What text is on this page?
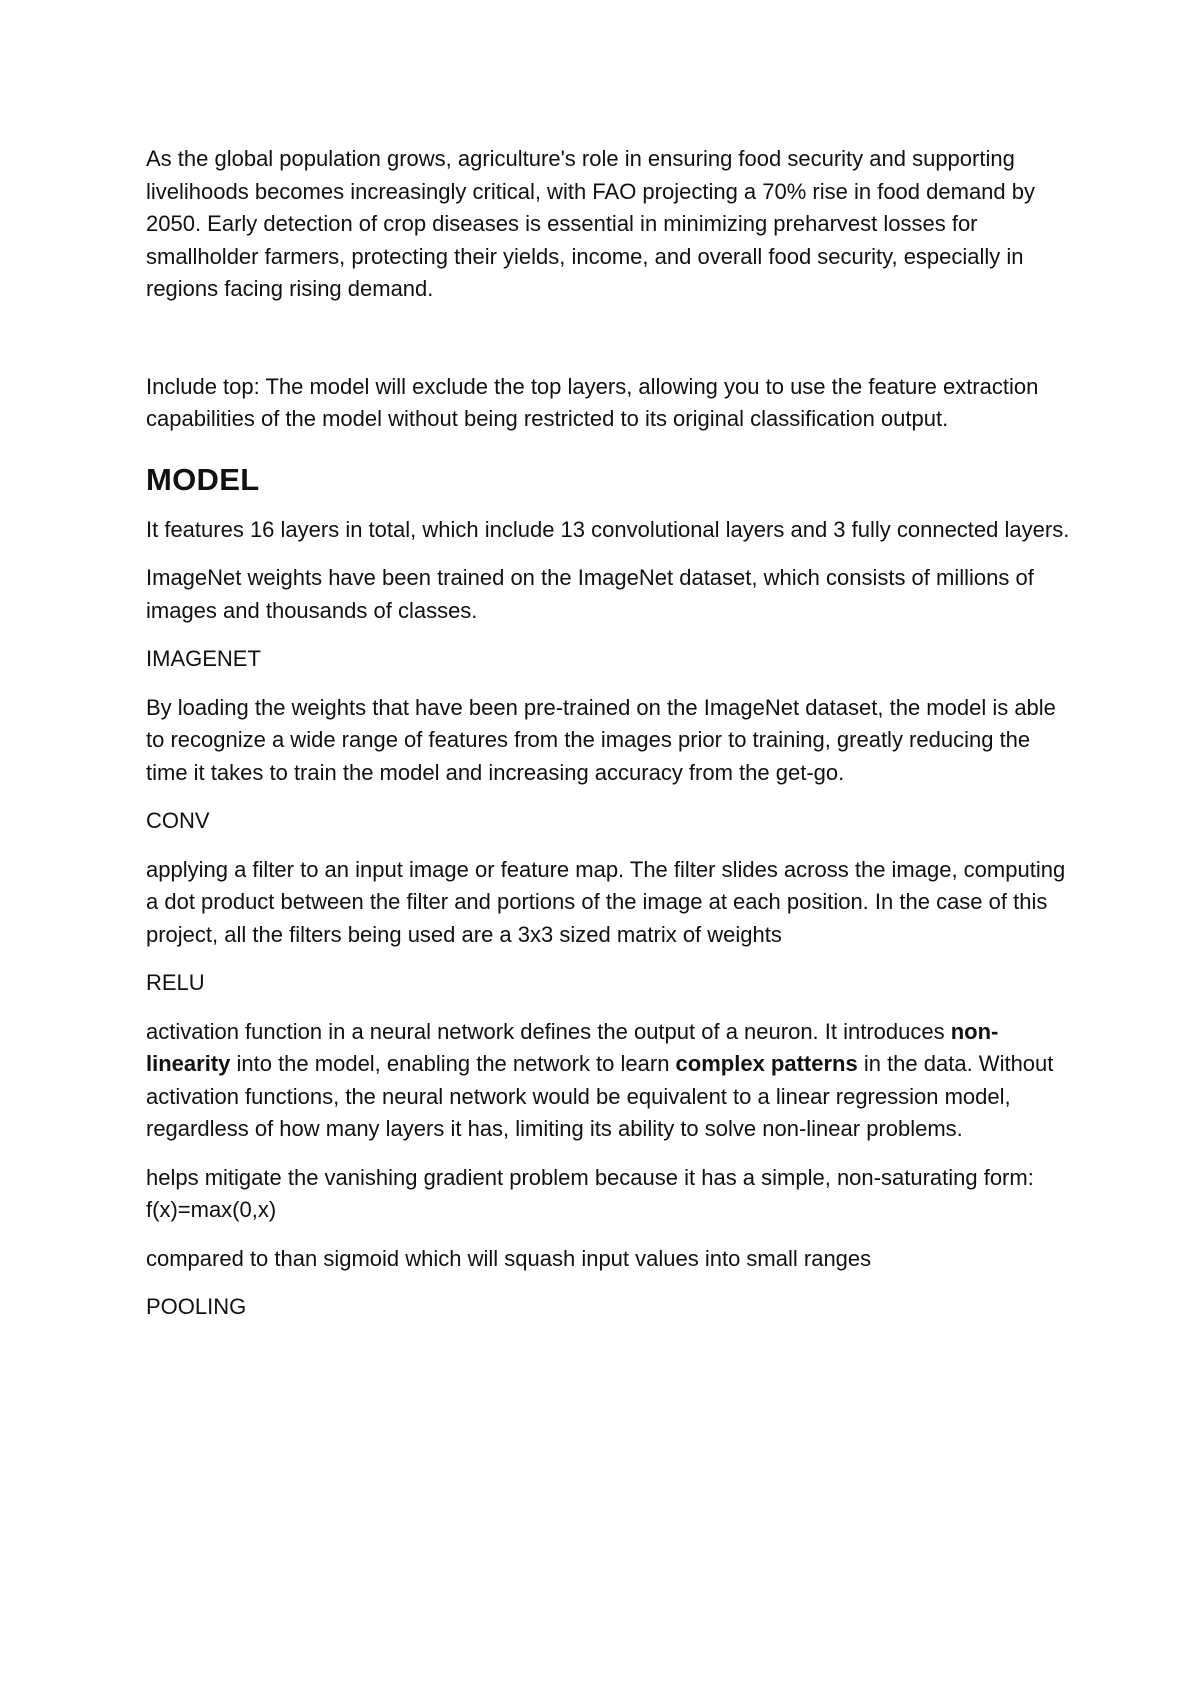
As the global population grows, agriculture's role in ensuring food security and supporting livelihoods becomes increasingly critical, with FAO projecting a 70% rise in food demand by 2050. Early detection of crop diseases is essential in minimizing preharvest losses for smallholder farmers, protecting their yields, income, and overall food security, especially in regions facing rising demand.

Include top: The model will exclude the top layers, allowing you to use the feature extraction capabilities of the model without being restricted to its original classification output.

MODEL

It features 16 layers in total, which include 13 convolutional layers and 3 fully connected layers.

ImageNet weights have been trained on the ImageNet dataset, which consists of millions of images and thousands of classes.

IMAGENET

By loading the weights that have been pre-trained on the ImageNet dataset, the model is able to recognize a wide range of features from the images prior to training, greatly reducing the time it takes to train the model and increasing accuracy from the get-go.

CONV

applying a filter to an input image or feature map. The filter slides across the image, computing a dot product between the filter and portions of the image at each position. In the case of this project, all the filters being used are a 3x3 sized matrix of weights

RELU

activation function in a neural network defines the output of a neuron. It introduces non-linearity into the model, enabling the network to learn complex patterns in the data. Without activation functions, the neural network would be equivalent to a linear regression model, regardless of how many layers it has, limiting its ability to solve non-linear problems.

helps mitigate the vanishing gradient problem because it has a simple, non-saturating form: f(x)=max(0,x)

compared to than sigmoid which will squash input values into small ranges

POOLING
